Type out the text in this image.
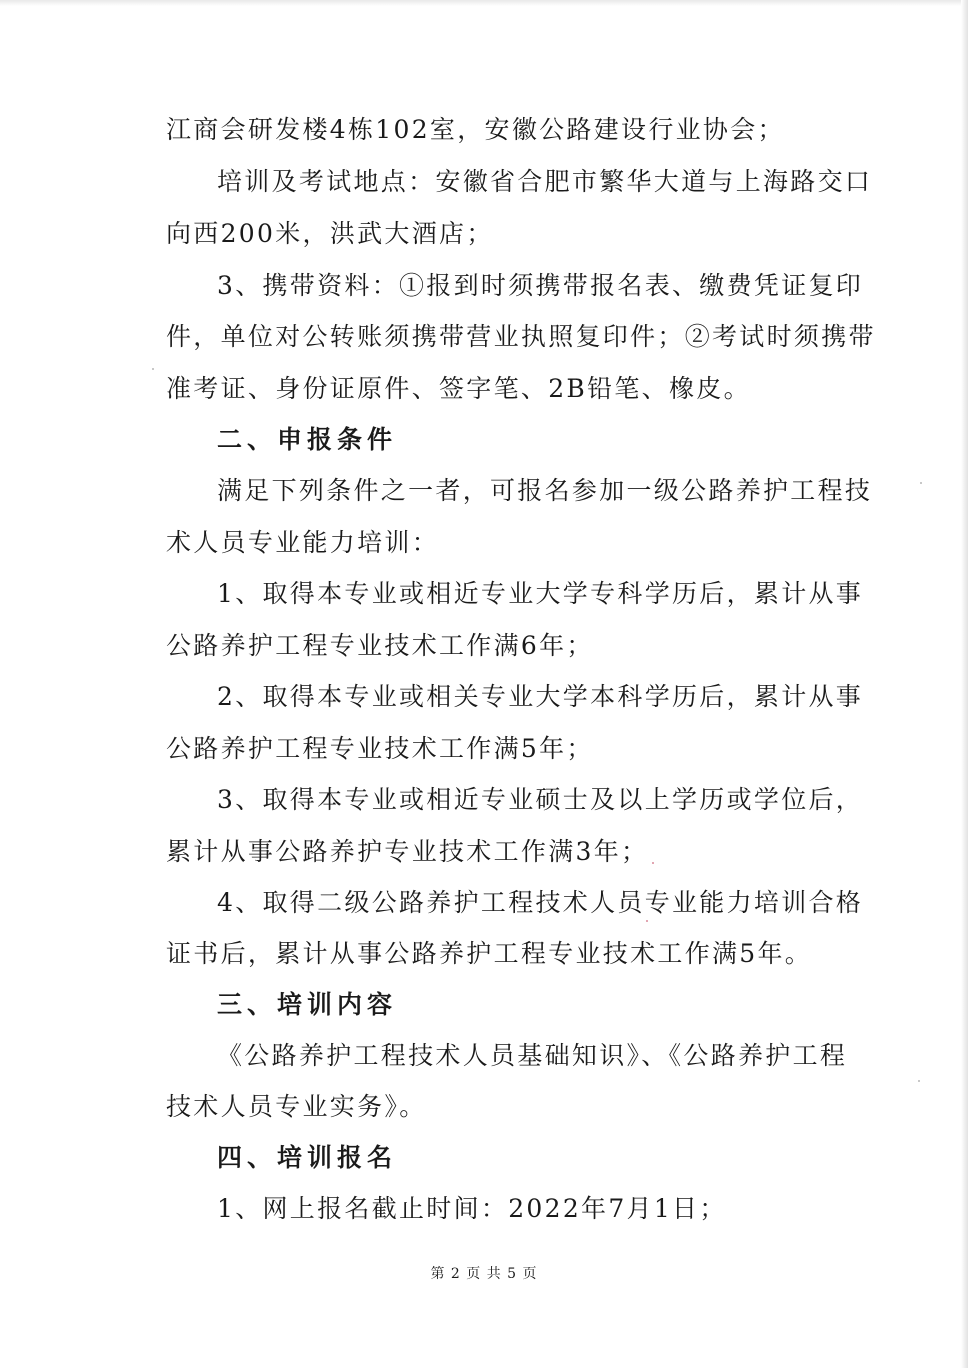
江商会研发楼4栋102室，安徽公路建设行业协会；
培训及考试地点：安徽省合肥市繁华大道与上海路交口
向西200米，洪武大酒店；
3、携带资料：①报到时须携带报名表、缴费凭证复印
件，单位对公转账须携带营业执照复印件；②考试时须携带
准考证、身份证原件、签字笔、2B铅笔、橡皮。
二、申报条件
满足下列条件之一者，可报名参加一级公路养护工程技
术人员专业能力培训：
1、取得本专业或相近专业大学专科学历后，累计从事
公路养护工程专业技术工作满6年；
2、取得本专业或相关专业大学本科学历后，累计从事
公路养护工程专业技术工作满5年；
3、取得本专业或相近专业硕士及以上学历或学位后，
累计从事公路养护专业技术工作满3年；
4、取得二级公路养护工程技术人员专业能力培训合格
证书后，累计从事公路养护工程专业技术工作满5年。
三、培训内容
《公路养护工程技术人员基础知识》、《公路养护工程
技术人员专业实务》。
四、培训报名
1、网上报名截止时间：2022年7月1日；
第 2 页 共 5 页
